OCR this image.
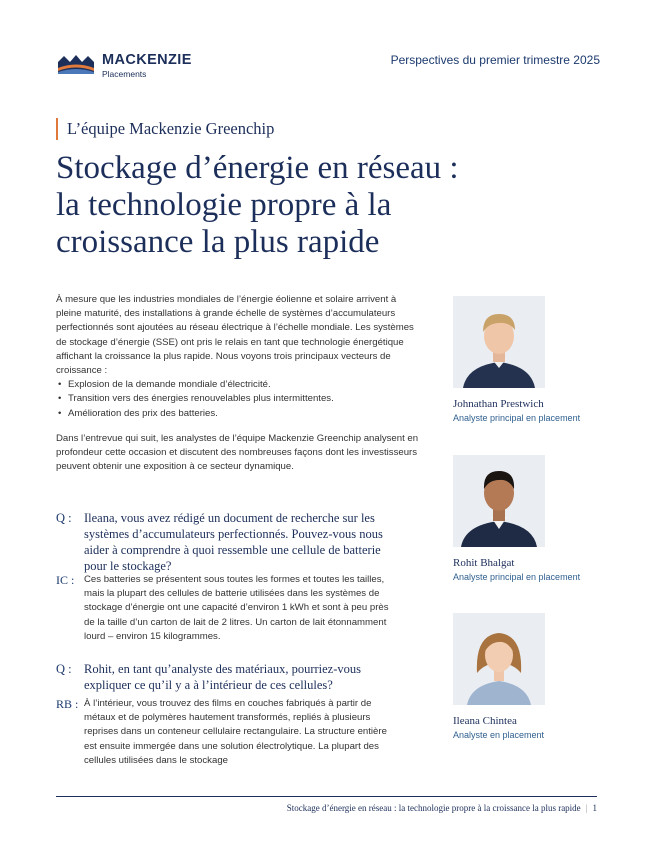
MACKENZIE
Placements
Perspectives du premier trimestre 2025
L’équipe Mackenzie Greenchip
Stockage d’énergie en réseau :
la technologie propre à la
croissance la plus rapide

À mesure que les industries mondiales de l’énergie éolienne et solaire arrivent à pleine maturité, des installations à grande échelle de systèmes d’accumulateurs perfectionnés sont ajoutées au réseau électrique à l’échelle mondiale. Les systèmes de stockage d’énergie (SSE) ont pris le relais en tant que technologie énergétique affichant la croissance la plus rapide. Nous voyons trois principaux vecteurs de croissance :

• Explosion de la demande mondiale d’électricité.
• Transition vers des énergies renouvelables plus intermittentes.
• Amélioration des prix des batteries.

Dans l’entrevue qui suit, les analystes de l’équipe Mackenzie Greenchip analysent en profondeur cette occasion et discutent des nombreuses façons dont les investisseurs peuvent obtenir une exposition à ce secteur dynamique.

Q : Ileana, vous avez rédigé un document de recherche sur les systèmes d’accumulateurs perfectionnés. Pouvez-vous nous aider à comprendre à quoi ressemble une cellule de batterie pour le stockage?
IC : Ces batteries se présentent sous toutes les formes et toutes les tailles, mais la plupart des cellules de batterie utilisées dans les systèmes de stockage d’énergie ont une capacité d’environ 1 kWh et sont à peu près de la taille d’un carton de lait de 2 litres. Un carton de lait étonnamment lourd – environ 15 kilogrammes.
Q : Rohit, en tant qu’analyste des matériaux, pourriez-vous expliquer ce qu’il y a à l’intérieur de ces cellules?
RB : À l’intérieur, vous trouvez des films en couches fabriqués à partir de métaux et de polymères hautement transformés, repliés à plusieurs reprises dans un conteneur cellulaire rectangulaire. La structure entière est ensuite immergée dans une solution électrolytique. La plupart des cellules utilisées dans le stockage
Johnathan Prestwich
Analyste principal en placement
Rohit Bhalgat
Analyste principal en placement
Ileana Chintea
Analyste en placement
Stockage d’énergie en réseau : la technologie propre à la croissance la plus rapide | 1
